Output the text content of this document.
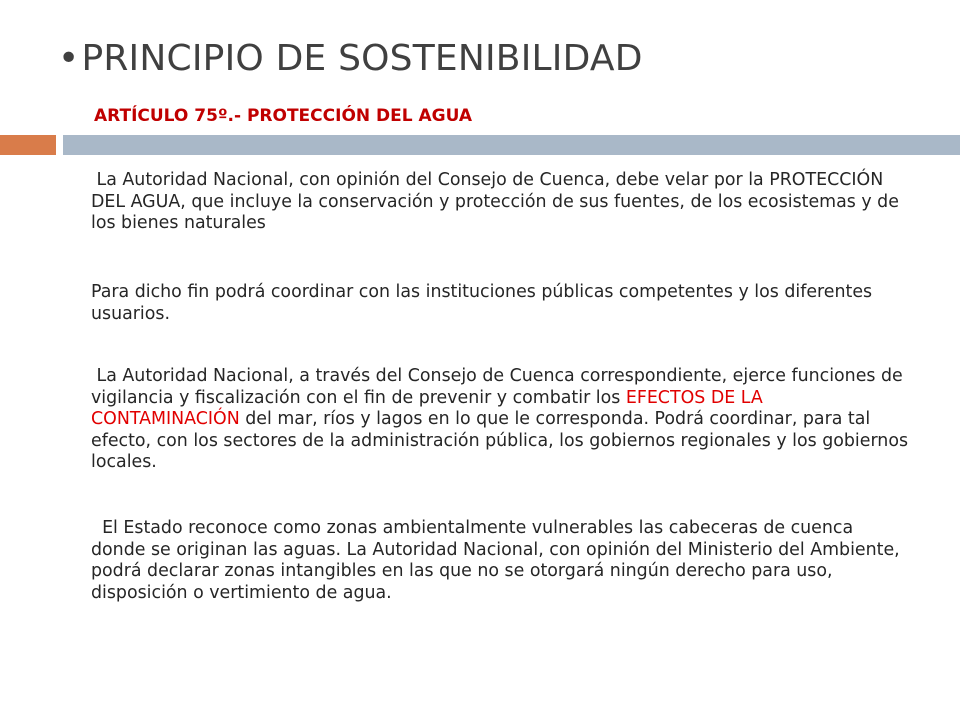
•PRINCIPIO DE SOSTENIBILIDAD
ARTÍCULO 75º.- PROTECCIÓN DEL AGUA

La Autoridad Nacional, con opinión del Consejo de Cuenca, debe velar por la PROTECCIÓN DEL AGUA, que incluye la conservación y protección de sus fuentes, de los ecosistemas y de los bienes naturales

Para dicho fin podrá coordinar con las instituciones públicas competentes y los diferentes usuarios.

La Autoridad Nacional, a través del Consejo de Cuenca correspondiente, ejerce funciones de vigilancia y fiscalización con el fin de prevenir y combatir los EFECTOS DE LA CONTAMINACIÓN del mar, ríos y lagos en lo que le corresponda. Podrá coordinar, para tal efecto, con los sectores de la administración pública, los gobiernos regionales y los gobiernos locales.

El Estado reconoce como zonas ambientalmente vulnerables las cabeceras de cuenca donde se originan las aguas. La Autoridad Nacional, con opinión del Ministerio del Ambiente, podrá declarar zonas intangibles en las que no se otorgará ningún derecho para uso, disposición o vertimiento de agua.
